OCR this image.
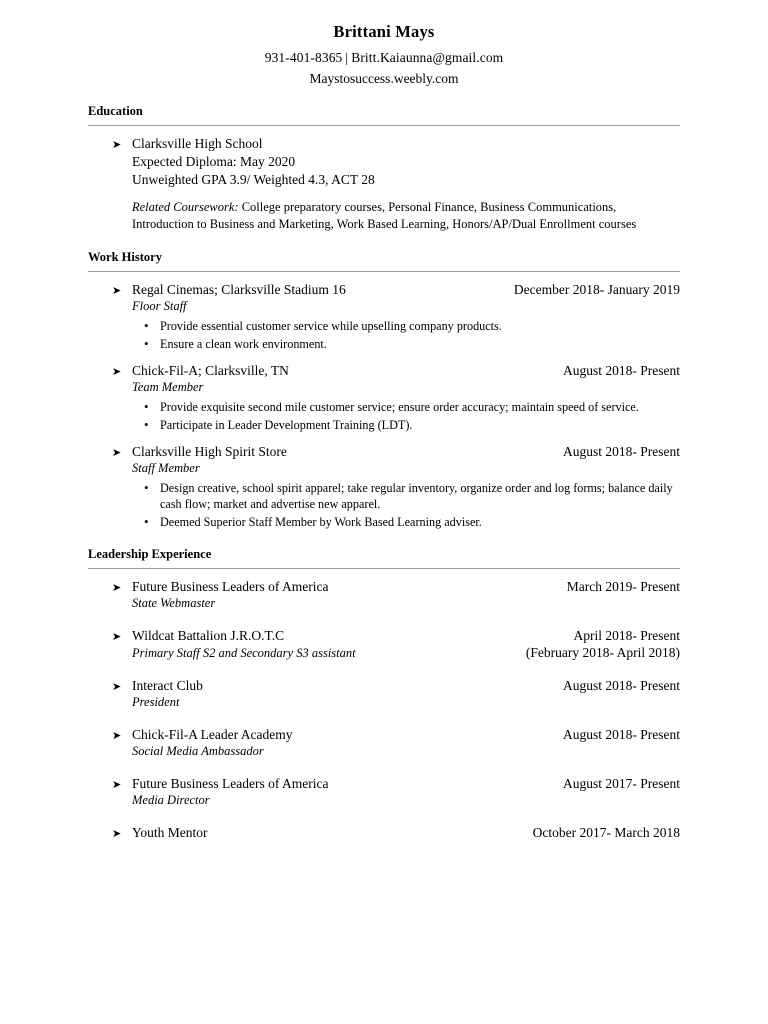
Brittani Mays
931-401-8365 | Britt.Kaiaunna@gmail.com
Maystosuccess.weebly.com
Education
➤ Clarksville High School
Expected Diploma: May 2020
Unweighted GPA 3.9/ Weighted 4.3, ACT 28
Related Coursework: College preparatory courses, Personal Finance, Business Communications, Introduction to Business and Marketing, Work Based Learning, Honors/AP/Dual Enrollment courses
Work History
➤ Regal Cinemas; Clarksville Stadium 16	December 2018- January 2019
Floor Staff
• Provide essential customer service while upselling company products.
• Ensure a clean work environment.
➤ Chick-Fil-A; Clarksville, TN	August 2018- Present
Team Member
• Provide exquisite second mile customer service; ensure order accuracy; maintain speed of service.
• Participate in Leader Development Training (LDT).
➤ Clarksville High Spirit Store	August 2018- Present
Staff Member
• Design creative, school spirit apparel; take regular inventory, organize order and log forms; balance daily cash flow; market and advertise new apparel.
• Deemed Superior Staff Member by Work Based Learning adviser.
Leadership Experience
➤ Future Business Leaders of America	March 2019- Present
State Webmaster
➤ Wildcat Battalion J.R.O.T.C	April 2018- Present
Primary Staff S2 and Secondary S3 assistant	(February 2018- April 2018)
➤ Interact Club	August 2018- Present
President
➤ Chick-Fil-A Leader Academy	August 2018- Present
Social Media Ambassador
➤ Future Business Leaders of America	August 2017- Present
Media Director
➤ Youth Mentor	October 2017- March 2018
